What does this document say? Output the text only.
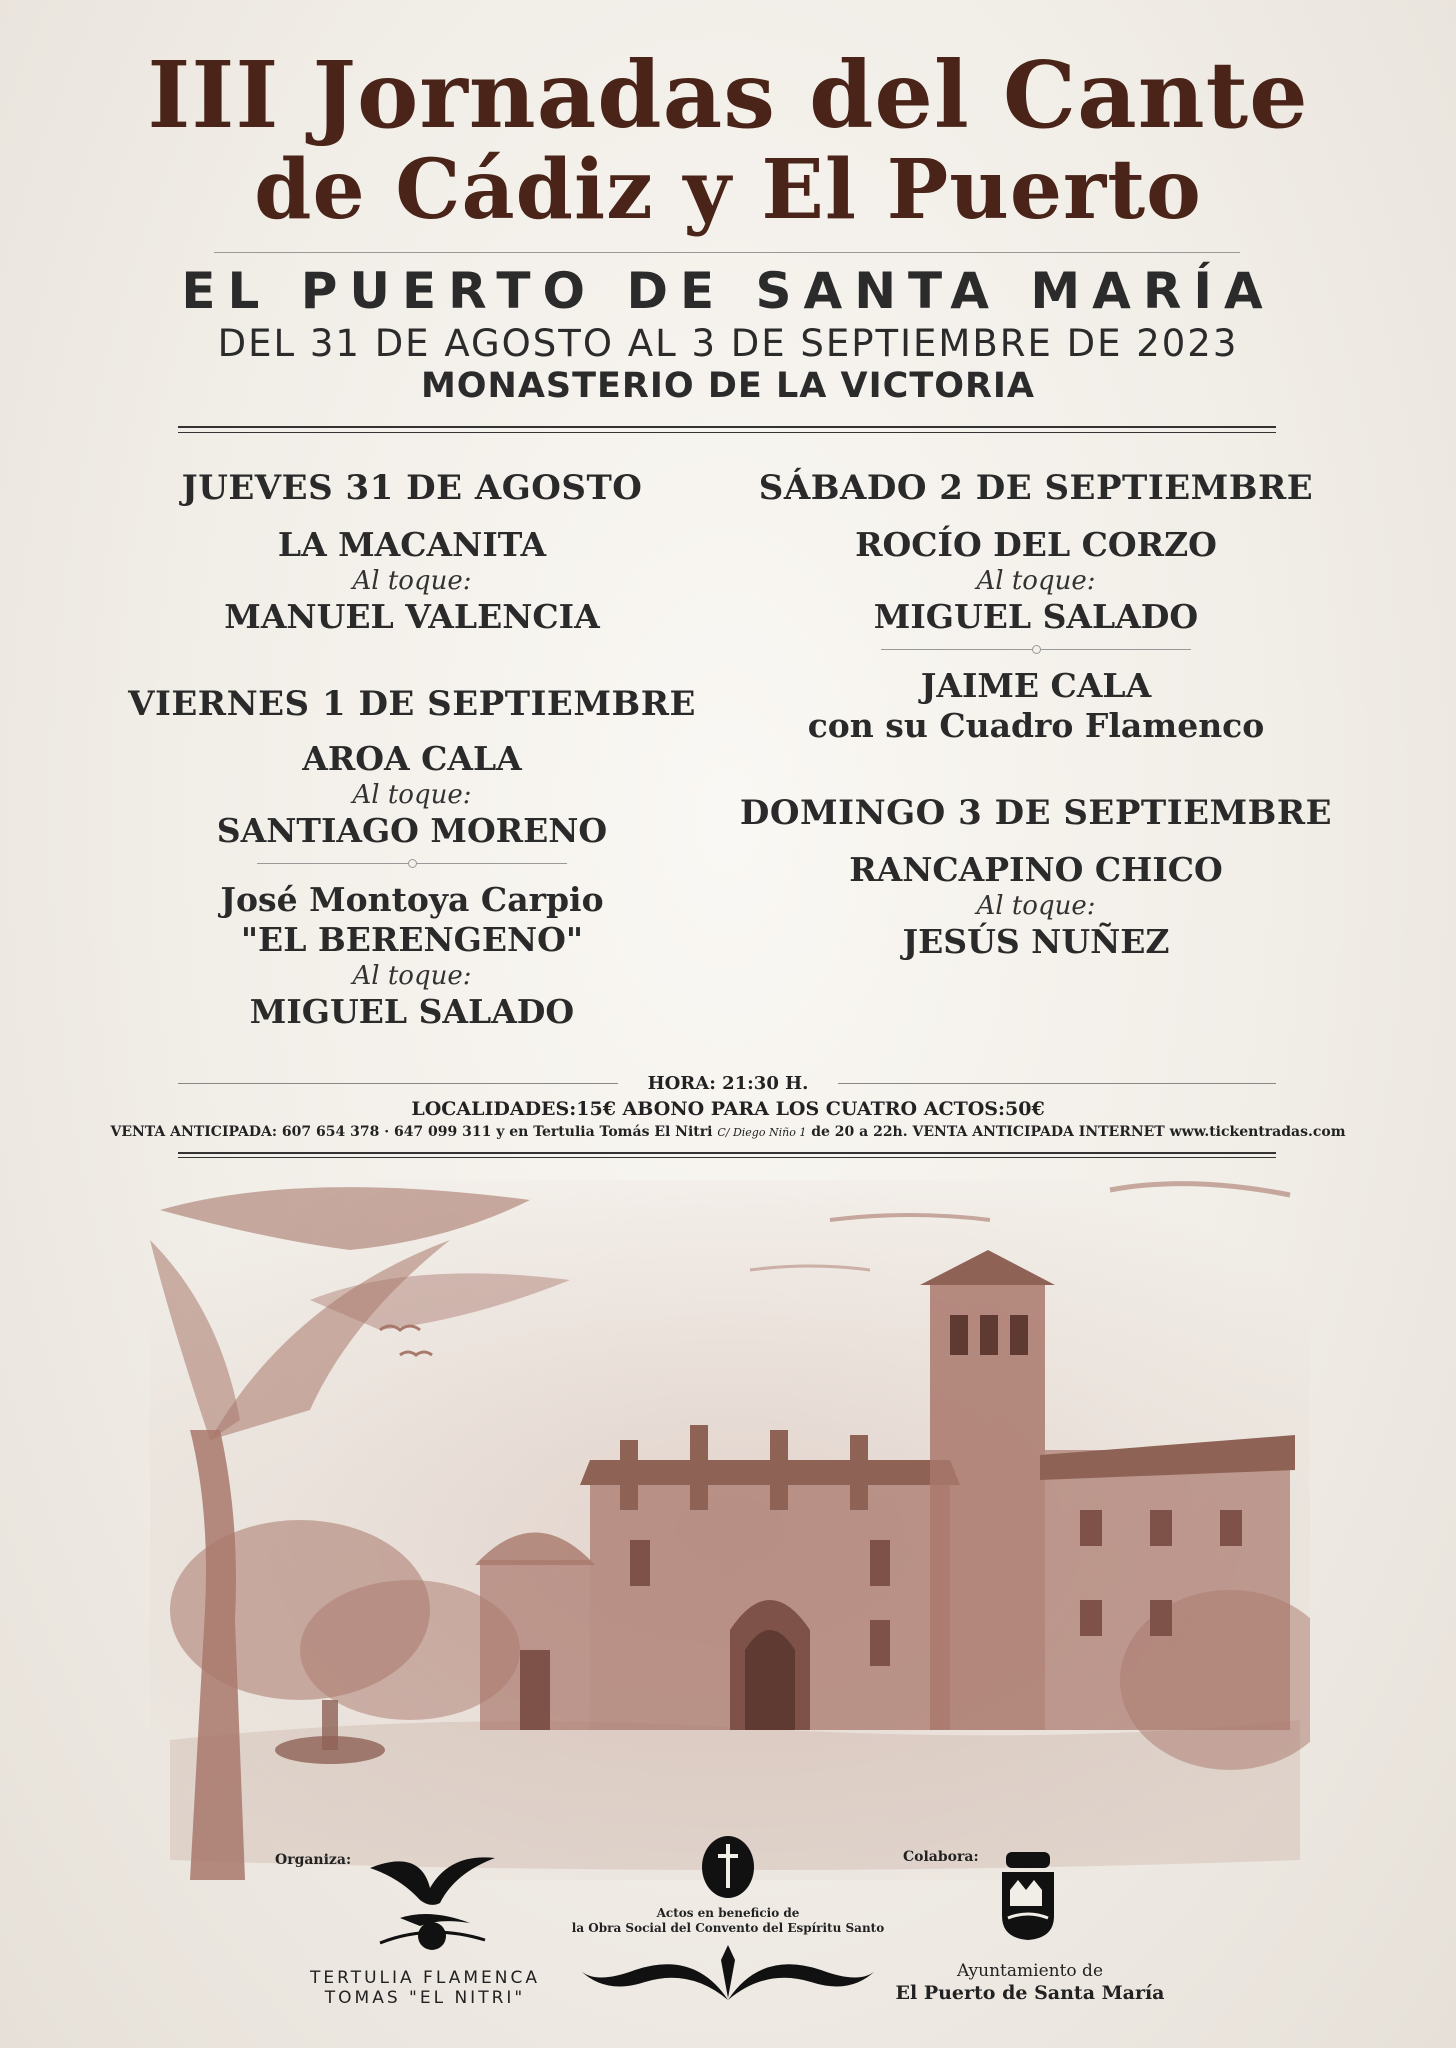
III Jornadas del Cante
de Cádiz y El Puerto

EL PUERTO DE SANTA MARÍA

DEL 31 DE AGOSTO AL 3 DE SEPTIEMBRE DE 2023

MONASTERIO DE LA VICTORIA

JUEVES 31 DE AGOSTO

LA MACANITA

Al toque:

MANUEL VALENCIA

VIERNES 1 DE SEPTIEMBRE

AROA CALA

Al toque:

SANTIAGO MORENO

José Montoya Carpio

"EL BERENGENO"

Al toque:

MIGUEL SALADO

SÁBADO 2 DE SEPTIEMBRE

ROCÍO DEL CORZO

Al toque:

MIGUEL SALADO

JAIME CALA

con su Cuadro Flamenco

DOMINGO 3 DE SEPTIEMBRE

RANCAPINO CHICO

Al toque:

JESÚS NUÑEZ

HORA: 21:30 H.

LOCALIDADES:15€ ABONO PARA LOS CUATRO ACTOS:50€

VENTA ANTICIPADA: 607 654 378 · 647 099 311 y en Tertulia Tomás El Nitri C/ Diego Niño 1 de 20 a 22h. VENTA ANTICIPADA INTERNET www.tickentradas.com

Organiza:
TERTULIA FLAMENCA
TOMAS "EL NITRI"
Actos en beneficio de
la Obra Social del Convento del Espíritu Santo
Colabora:
Ayuntamiento de
El Puerto de Santa María
